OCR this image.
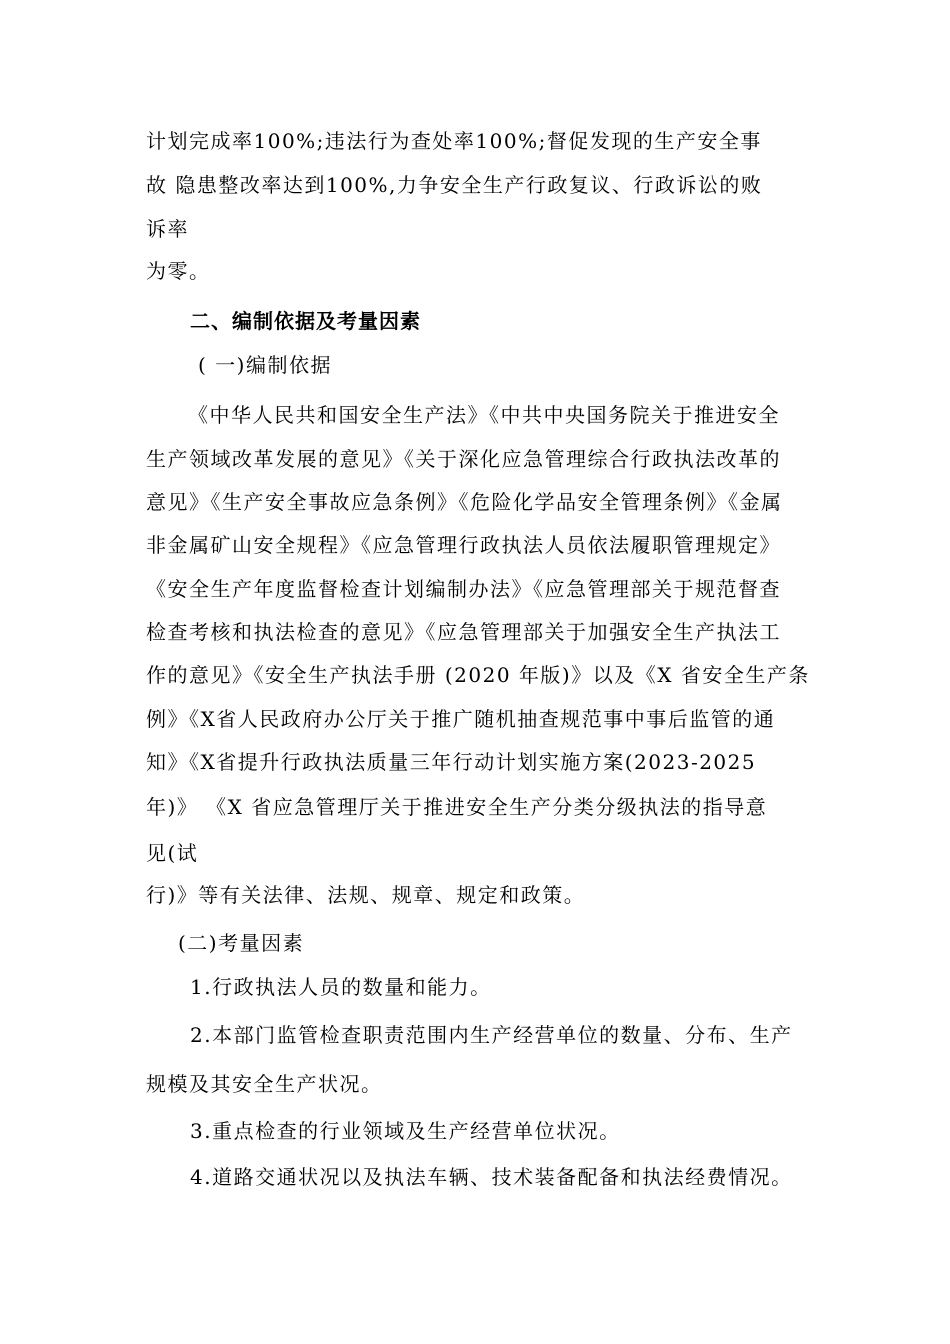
计划完成率100%;违法行为查处率100%;督促发现的生产安全事
故 隐患整改率达到100%,力争安全生产行政复议、行政诉讼的败
诉率
为零。
二、编制依据及考量因素
( 一)编制依据
《中华人民共和国安全生产法》《中共中央国务院关于推进安全
生产领域改革发展的意见》《关于深化应急管理综合行政执法改革的
意见》《生产安全事故应急条例》《危险化学品安全管理条例》《金属
非金属矿山安全规程》《应急管理行政执法人员依法履职管理规定》
《安全生产年度监督检查计划编制办法》《应急管理部关于规范督查
检查考核和执法检查的意见》《应急管理部关于加强安全生产执法工
作的意见》《安全生产执法手册 (2020 年版)》以及《X 省安全生产条
例》《X省人民政府办公厅关于推广随机抽查规范事中事后监管的通
知》《X省提升行政执法质量三年行动计划实施方案(2023-2025
年)》 《X 省应急管理厅关于推进安全生产分类分级执法的指导意
见(试
行)》等有关法律、法规、规章、规定和政策。
(二)考量因素
1.行政执法人员的数量和能力。
2.本部门监管检查职责范围内生产经营单位的数量、分布、生产
规模及其安全生产状况。
3.重点检查的行业领域及生产经营单位状况。
4.道路交通状况以及执法车辆、技术装备配备和执法经费情况。
